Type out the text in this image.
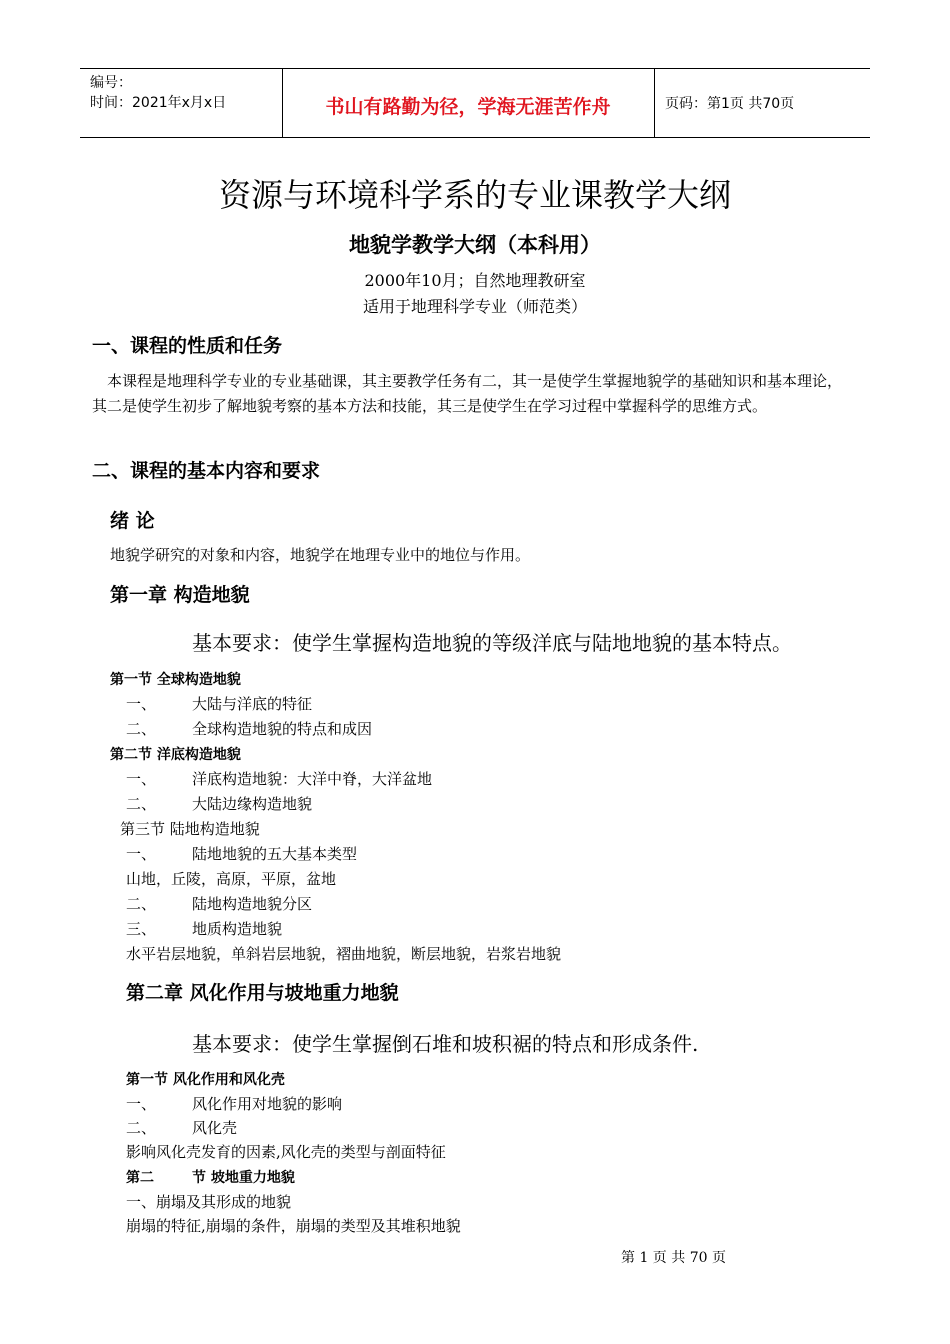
编号：
时间：2021年x月x日	书山有路勤为径，学海无涯苦作舟	页码：第1页 共70页
资源与环境科学系的专业课教学大纲
地貌学教学大纲（本科用）
2000年10月；自然地理教研室
适用于地理科学专业（师范类）
一、课程的性质和任务
本课程是地理科学专业的专业基础课，其主要教学任务有二，其一是使学生掌握地貌学的基础知识和基本理论，其二是使学生初步了解地貌考察的基本方法和技能，其三是使学生在学习过程中掌握科学的思维方式。
二、课程的基本内容和要求
绪 论
地貌学研究的对象和内容，地貌学在地理专业中的地位与作用。
第一章 构造地貌
基本要求：使学生掌握构造地貌的等级洋底与陆地地貌的基本特点。
第一节 全球构造地貌
一、 大陆与洋底的特征
二、 全球构造地貌的特点和成因
第二节 洋底构造地貌
一、 洋底构造地貌：大洋中脊，大洋盆地
二、 大陆边缘构造地貌
第三节 陆地构造地貌
一、 陆地地貌的五大基本类型
山地，丘陵，高原，平原，盆地
二、 陆地构造地貌分区
三、 地质构造地貌
水平岩层地貌，单斜岩层地貌，褶曲地貌，断层地貌，岩浆岩地貌
第二章 风化作用与坡地重力地貌
基本要求：使学生掌握倒石堆和坡积裾的特点和形成条件.
第一节 风化作用和风化壳
一、 风化作用对地貌的影响
二、 风化壳
影响风化壳发育的因素,风化壳的类型与剖面特征
第二	节 坡地重力地貌
一、崩塌及其形成的地貌
崩塌的特征,崩塌的条件，崩塌的类型及其堆积地貌
第 1 页 共 70 页
